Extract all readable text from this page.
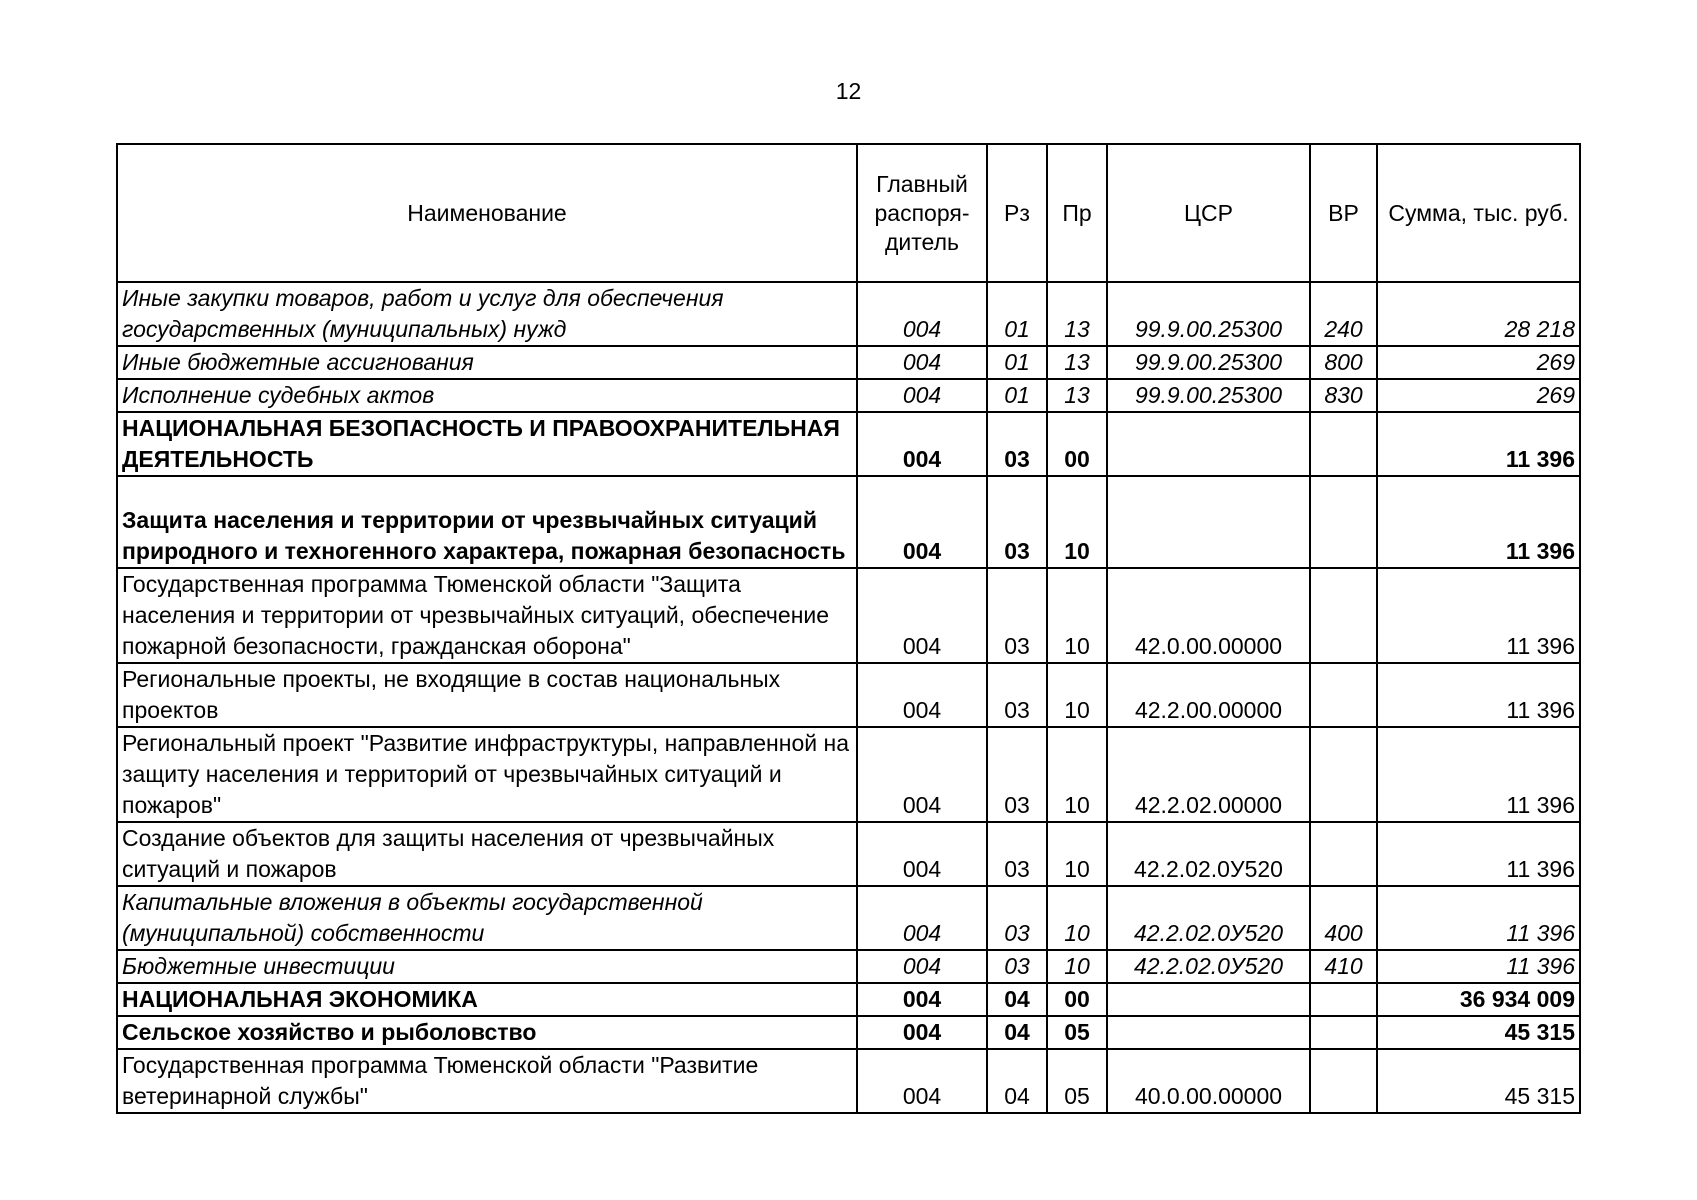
12
Наименование	Главный распоря-дитель	Рз	Пр	ЦСР	ВР	Сумма, тыс. руб.
Иные закупки товаров, работ и услуг для обеспечения государственных (муниципальных) нужд	004	01	13	99.9.00.25300	240	28 218
Иные бюджетные ассигнования	004	01	13	99.9.00.25300	800	269
Исполнение судебных актов	004	01	13	99.9.00.25300	830	269
НАЦИОНАЛЬНАЯ БЕЗОПАСНОСТЬ И ПРАВООХРАНИТЕЛЬНАЯ ДЕЯТЕЛЬНОСТЬ	004	03	00			11 396
Защита населения и территории от чрезвычайных ситуаций природного и техногенного характера, пожарная безопасность	004	03	10			11 396
Государственная программа Тюменской области "Защита населения и территории от чрезвычайных ситуаций, обеспечение пожарной безопасности, гражданская оборона"	004	03	10	42.0.00.00000		11 396
Региональные проекты, не входящие в состав национальных проектов	004	03	10	42.2.00.00000		11 396
Региональный проект "Развитие инфраструктуры, направленной на защиту населения и территорий от чрезвычайных ситуаций и пожаров"	004	03	10	42.2.02.00000		11 396
Создание объектов для защиты населения от чрезвычайных ситуаций и пожаров	004	03	10	42.2.02.0У520		11 396
Капитальные вложения в объекты государственной (муниципальной) собственности	004	03	10	42.2.02.0У520	400	11 396
Бюджетные инвестиции	004	03	10	42.2.02.0У520	410	11 396
НАЦИОНАЛЬНАЯ ЭКОНОМИКА	004	04	00			36 934 009
Сельское хозяйство и рыболовство	004	04	05			45 315
Государственная программа Тюменской области "Развитие ветеринарной службы"	004	04	05	40.0.00.00000		45 315
